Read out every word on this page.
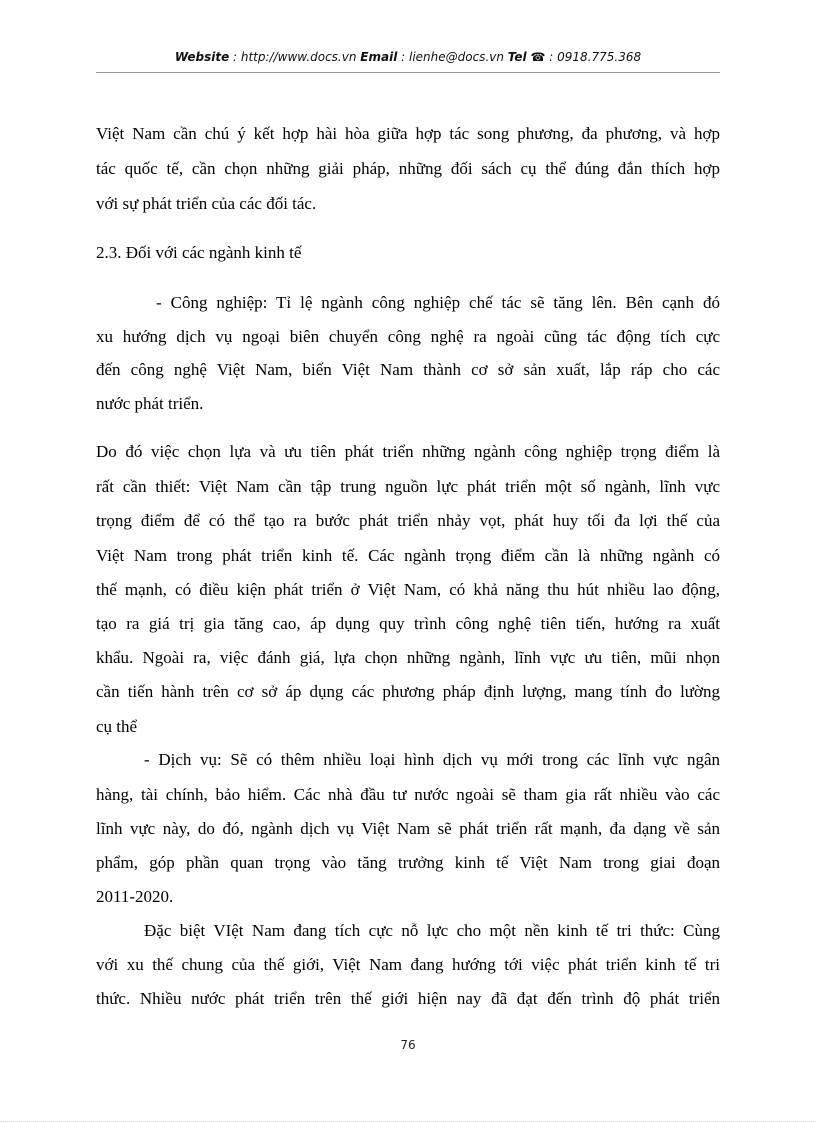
Website : http://www.docs.vn Email : lienhe@docs.vn Tel ☎ : 0918.775.368
Việt Nam cần chú ý kết hợp hài hòa giữa hợp tác song phương, đa phương, và hợp
tác quốc tế, cần chọn những giải pháp, những đối sách cụ thể đúng đắn thích hợp
với sự phát triển của các đối tác.
2.3. Đối với các ngành kinh tế
- Công nghiệp: Tỉ lệ ngành công nghiệp chế tác sẽ tăng lên. Bên cạnh đó
xu hướng dịch vụ ngoại biên chuyển công nghệ ra ngoài cũng tác động tích cực
đến công nghệ Việt Nam, biến Việt Nam thành cơ sở sản xuất, lắp ráp cho các
nước phát triển.
Do đó việc chọn lựa và ưu tiên phát triển những ngành công nghiệp trọng điểm là
rất cần thiết: Việt Nam cần tập trung nguồn lực phát triển một số ngành, lĩnh vực
trọng điểm để có thể tạo ra bước phát triển nhảy vọt, phát huy tối đa lợi thế của
Việt Nam trong phát triển kinh tế. Các ngành trọng điểm cần là những ngành có
thế mạnh, có điều kiện phát triển ở Việt Nam, có khả năng thu hút nhiều lao động,
tạo ra giá trị gia tăng cao, áp dụng quy trình công nghệ tiên tiến, hướng ra xuất
khẩu. Ngoài ra, việc đánh giá, lựa chọn những ngành, lĩnh vực ưu tiên, mũi nhọn
cần tiến hành trên cơ sở áp dụng các phương pháp định lượng, mang tính đo lường
cụ thể
- Dịch vụ: Sẽ có thêm nhiều loại hình dịch vụ mới trong các lĩnh vực ngân
hàng, tài chính, bảo hiểm. Các nhà đầu tư nước ngoài sẽ tham gia rất nhiều vào các
lĩnh vực này, do đó, ngành dịch vụ Việt Nam sẽ phát triển rất mạnh, đa dạng về sản
phẩm, góp phần quan trọng vào tăng trưởng kinh tế Việt Nam trong giai đoạn
2011-2020.
Đặc biệt VIệt Nam đang tích cực nỗ lực cho một nền kinh tế tri thức: Cùng
với xu thế chung của thế giới, Việt Nam đang hướng tới việc phát triển kinh tế tri
thức. Nhiều nước phát triển trên thế giới hiện nay đã đạt đến trình độ phát triển
76
